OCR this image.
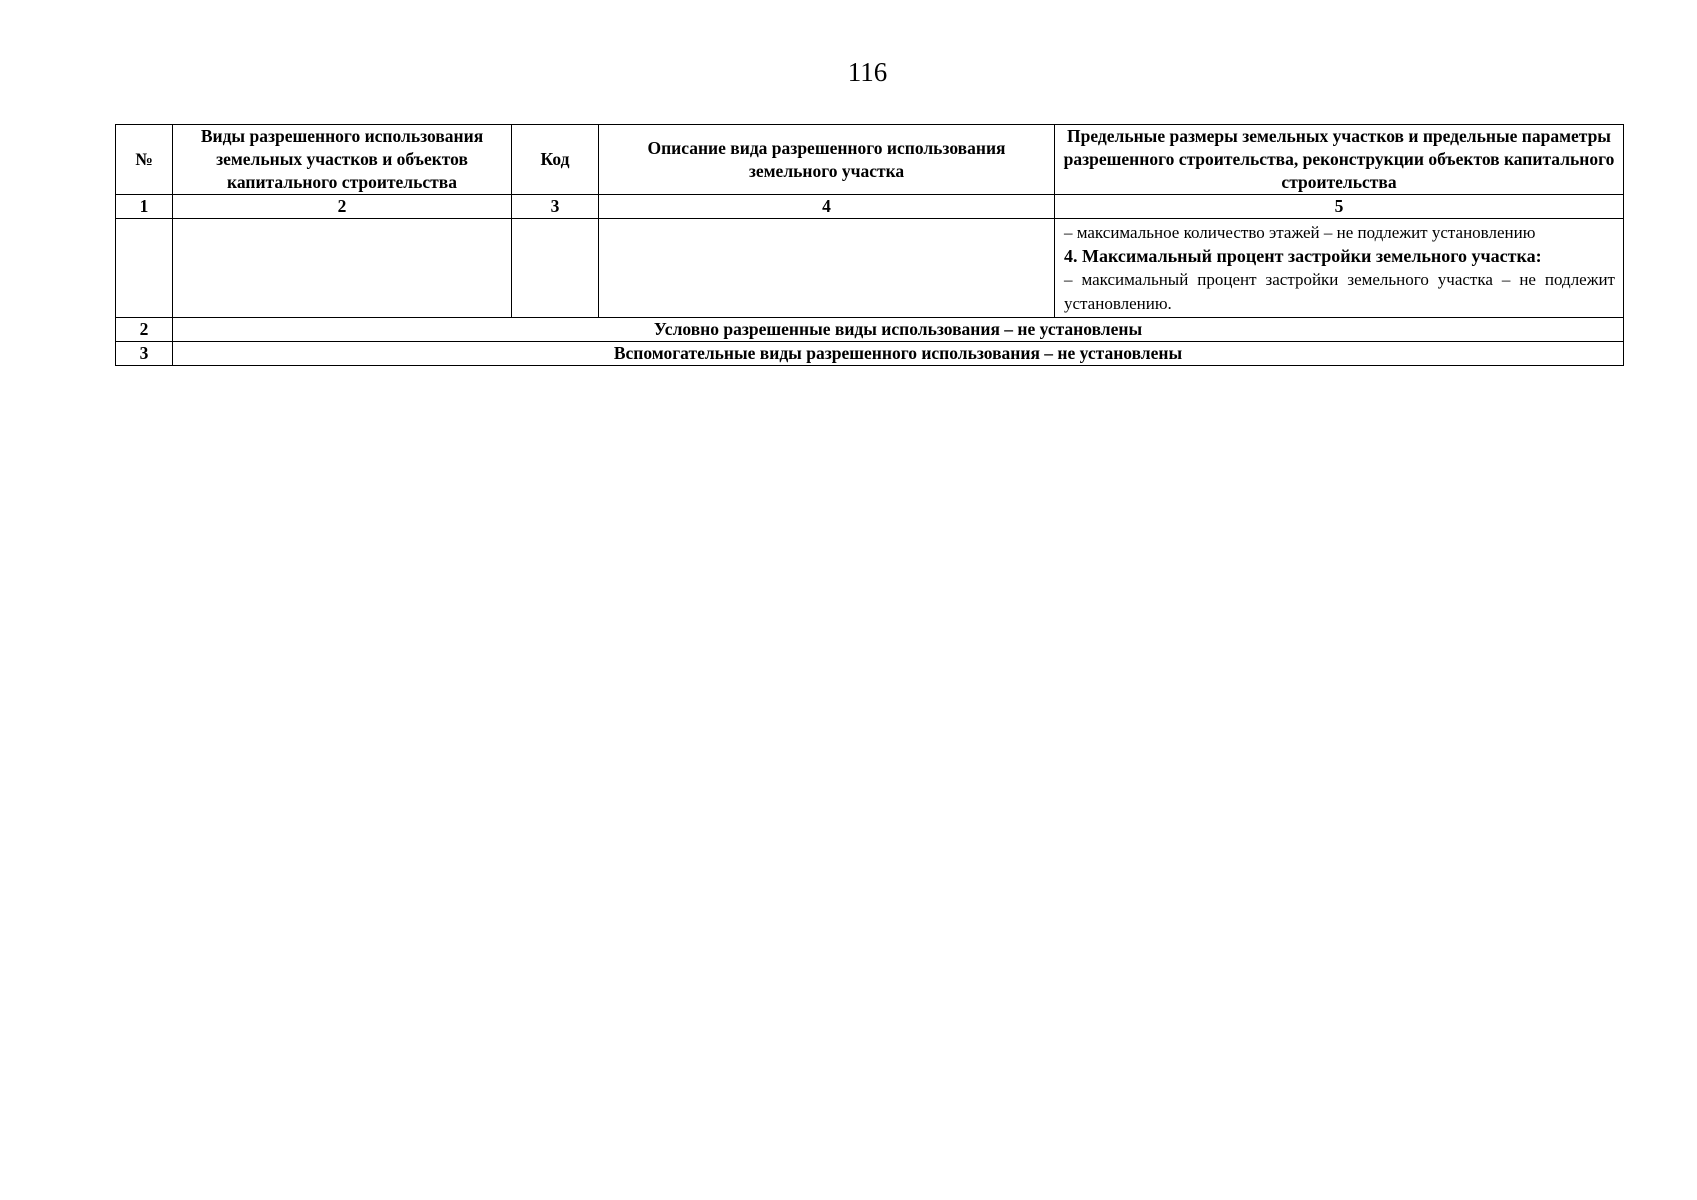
116
№	Виды разрешенного использования земельных участков и объектов капитального строительства	Код	Описание вида разрешенного использования земельного участка	Предельные размеры земельных участков и предельные параметры разрешенного строительства, реконструкции объектов капитального строительства
1	2	3	4	5

				– максимальное количество этажей – не подлежит установлению

4. Максимальный процент застройки земельного участка:

– максимальный процент застройки земельного участка – не подлежит установлению.

2	Условно разрешенные виды использования – не установлены			
3	Вспомогательные виды разрешенного использования – не установлены			
